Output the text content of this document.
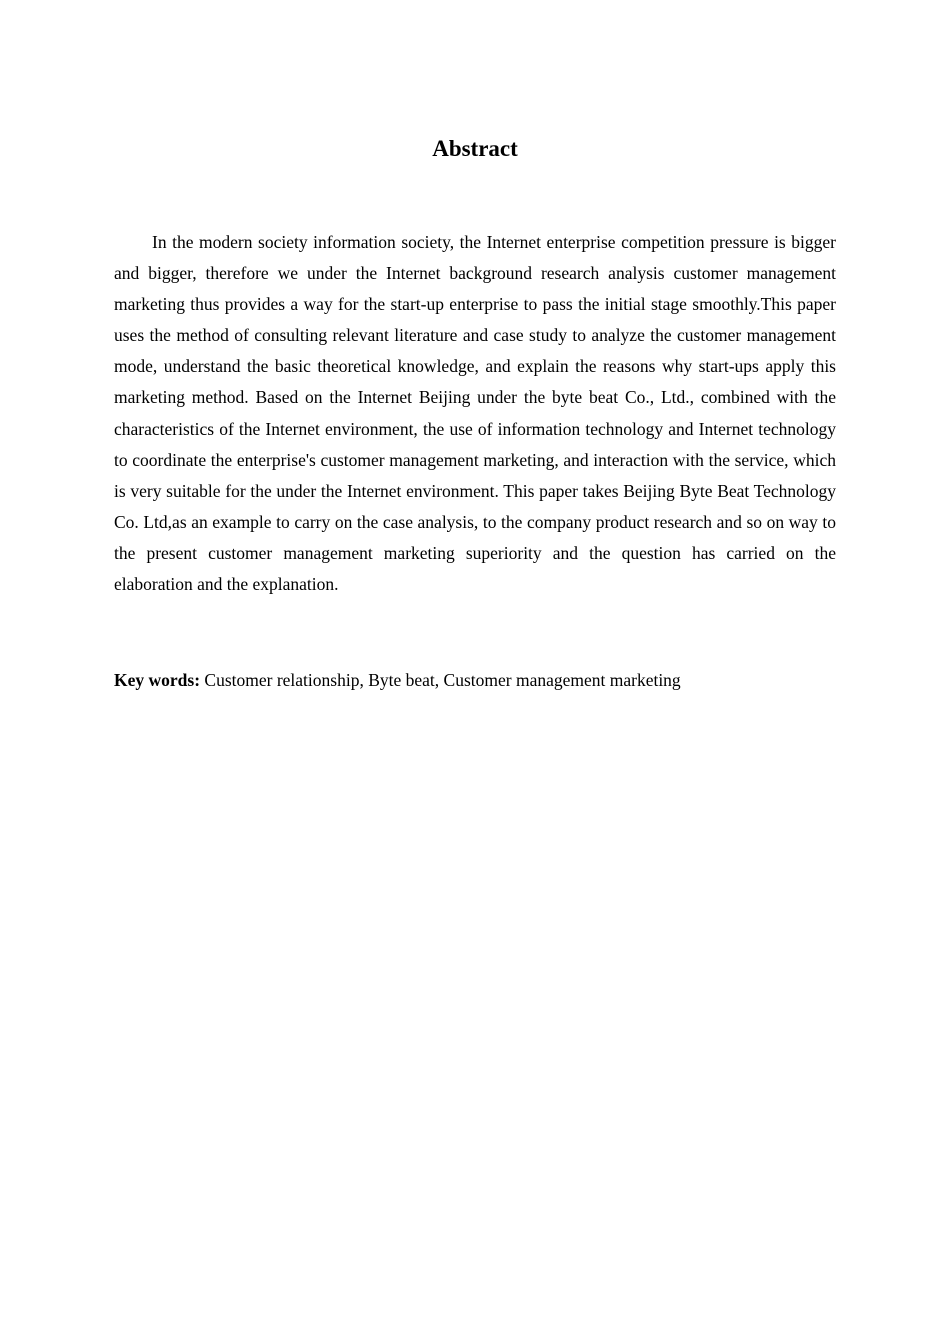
Abstract

In the modern society information society, the Internet enterprise competition pressure is bigger and bigger, therefore we under the Internet background research analysis customer management marketing thus provides a way for the start-up enterprise to pass the initial stage smoothly.This paper uses the method of consulting relevant literature and case study to analyze the customer management mode, understand the basic theoretical knowledge, and explain the reasons why start-ups apply this marketing method. Based on the Internet Beijing under the byte beat Co., Ltd., combined with the characteristics of the Internet environment, the use of information technology and Internet technology to coordinate the enterprise's customer management marketing, and interaction with the service, which is very suitable for the under the Internet environment. This paper takes Beijing Byte Beat Technology Co. Ltd,as an example to carry on the case analysis, to the company product research and so on way to the present customer management marketing superiority and the question has carried on the elaboration and the explanation.

Key words: Customer relationship, Byte beat, Customer management marketing
